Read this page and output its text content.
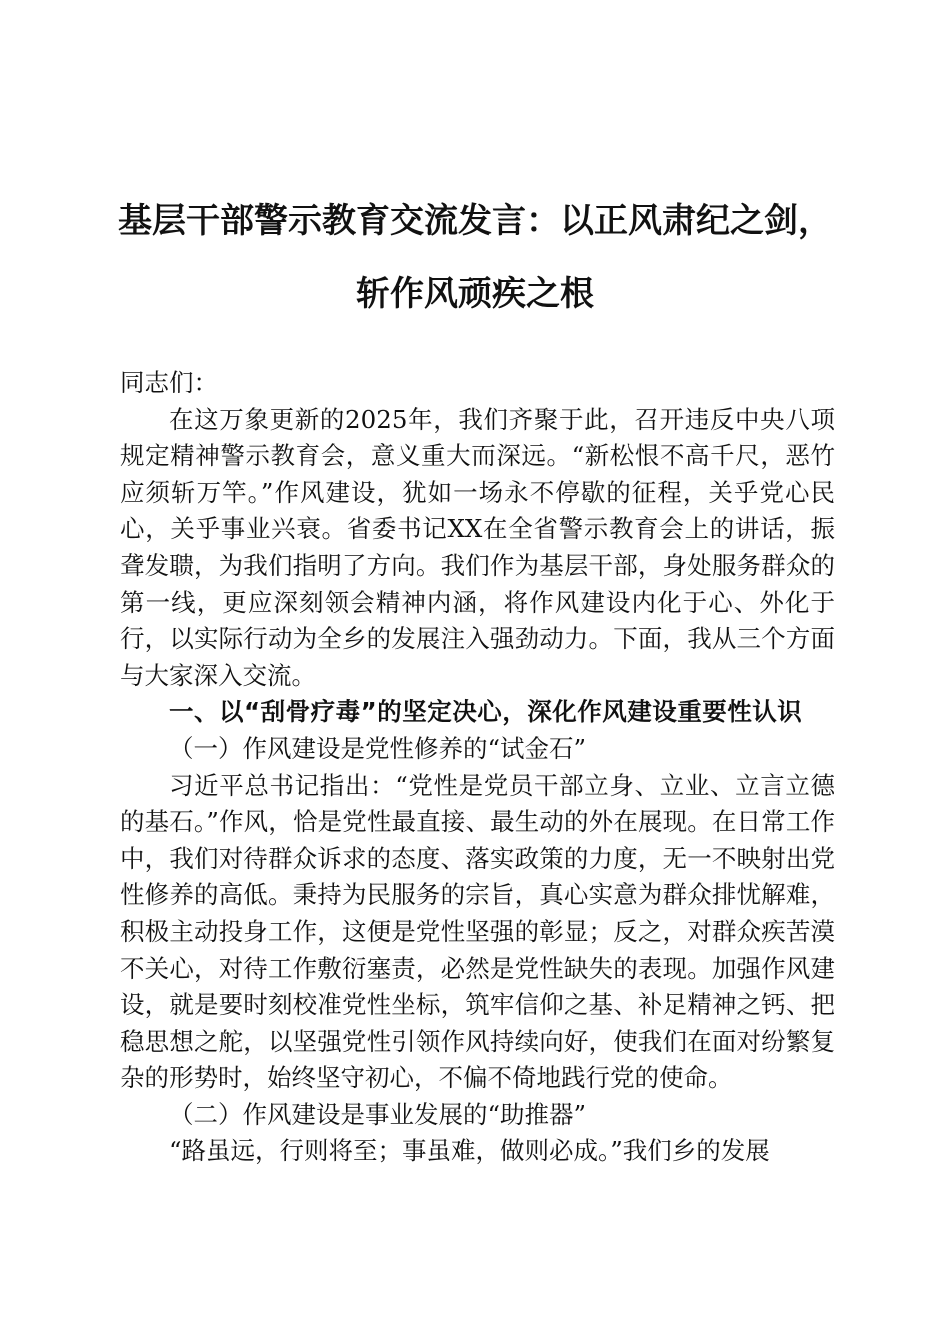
基层干部警示教育交流发言：以正风肃纪之剑，
斩作风顽疾之根

同志们：

在这万象更新的2025年，我们齐聚于此，召开违反中央八项规定精神警示教育会，意义重大而深远。“新松恨不高千尺，恶竹应须斩万竿。”作风建设，犹如一场永不停歇的征程，关乎党心民心，关乎事业兴衰。省委书记XX在全省警示教育会上的讲话，振聋发聩，为我们指明了方向。我们作为基层干部，身处服务群众的第一线，更应深刻领会精神内涵，将作风建设内化于心、外化于行，以实际行动为全乡的发展注入强劲动力。下面，我从三个方面与大家深入交流。

一、以“刮骨疗毒”的坚定决心，深化作风建设重要性认识

（一）作风建设是党性修养的“试金石”

习近平总书记指出：“党性是党员干部立身、立业、立言立德的基石。”作风，恰是党性最直接、最生动的外在展现。在日常工作中，我们对待群众诉求的态度、落实政策的力度，无一不映射出党性修养的高低。秉持为民服务的宗旨，真心实意为群众排忧解难，积极主动投身工作，这便是党性坚强的彰显；反之，对群众疾苦漠不关心，对待工作敷衍塞责，必然是党性缺失的表现。加强作风建设，就是要时刻校准党性坐标，筑牢信仰之基、补足精神之钙、把稳思想之舵，以坚强党性引领作风持续向好，使我们在面对纷繁复杂的形势时，始终坚守初心，不偏不倚地践行党的使命。

（二）作风建设是事业发展的“助推器”

“路虽远，行则将至；事虽难，做则必成。”我们乡的发展
